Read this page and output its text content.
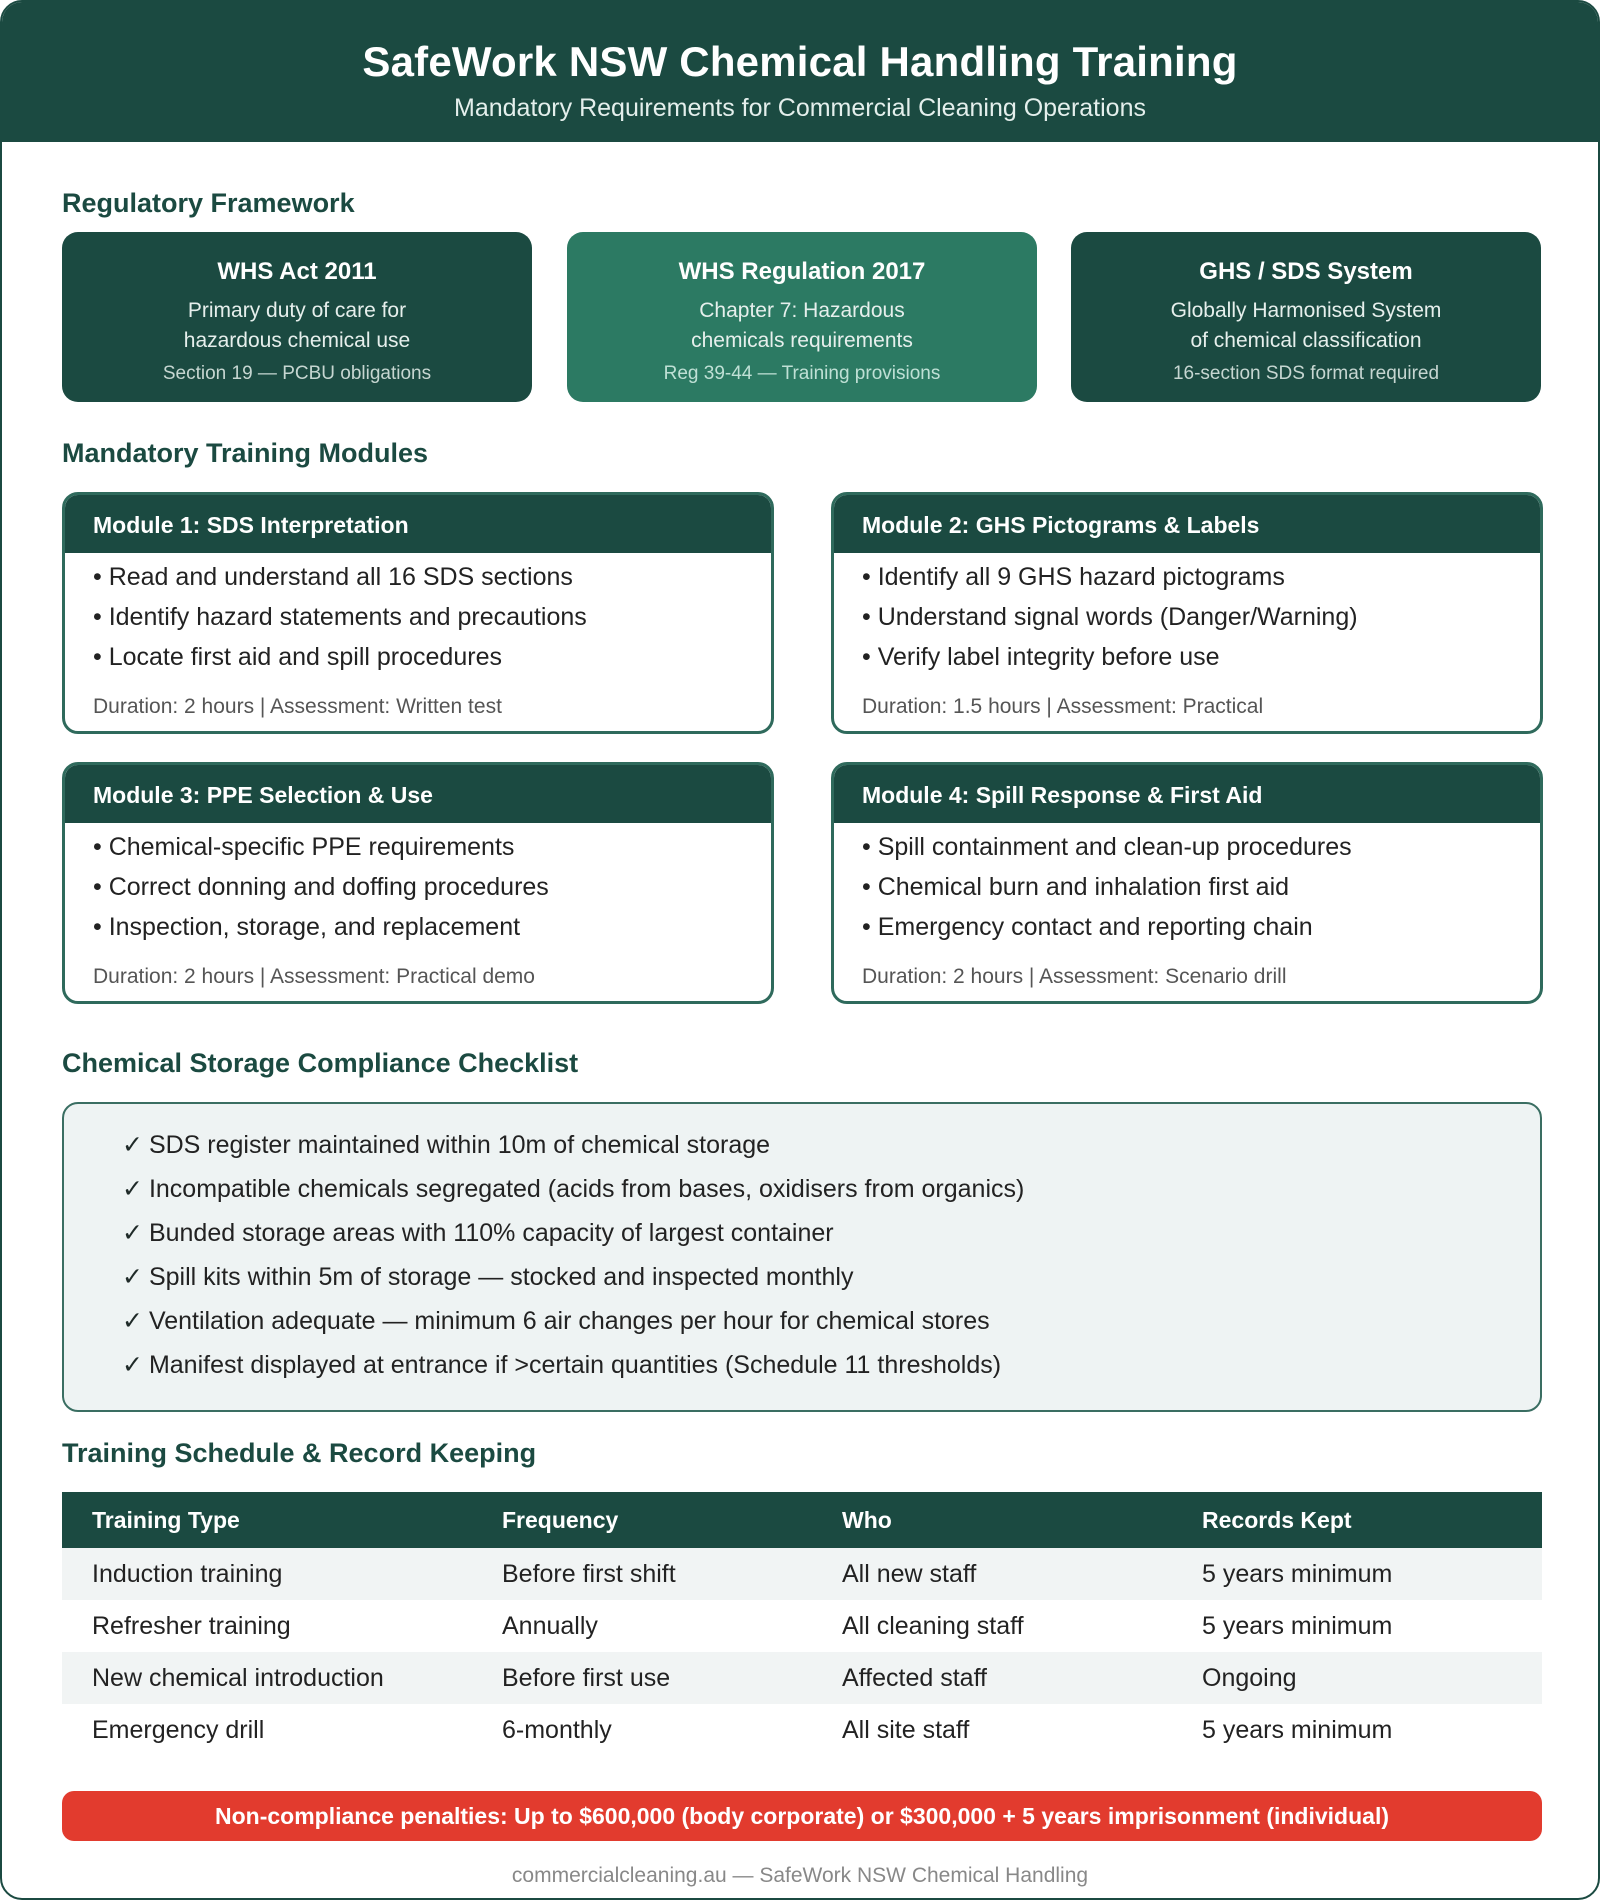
SafeWork NSW Chemical Handling Training
Mandatory Requirements for Commercial Cleaning Operations
Regulatory Framework
WHS Act 2011
Primary duty of care for
hazardous chemical use
Section 19 — PCBU obligations
WHS Regulation 2017
Chapter 7: Hazardous
chemicals requirements
Reg 39-44 — Training provisions
GHS / SDS System
Globally Harmonised System
of chemical classification
16-section SDS format required
Mandatory Training Modules
Module 1: SDS Interpretation
• Read and understand all 16 SDS sections
• Identify hazard statements and precautions
• Locate first aid and spill procedures
Duration: 2 hours | Assessment: Written test
Module 2: GHS Pictograms & Labels
• Identify all 9 GHS hazard pictograms
• Understand signal words (Danger/Warning)
• Verify label integrity before use
Duration: 1.5 hours | Assessment: Practical
Module 3: PPE Selection & Use
• Chemical-specific PPE requirements
• Correct donning and doffing procedures
• Inspection, storage, and replacement
Duration: 2 hours | Assessment: Practical demo
Module 4: Spill Response & First Aid
• Spill containment and clean-up procedures
• Chemical burn and inhalation first aid
• Emergency contact and reporting chain
Duration: 2 hours | Assessment: Scenario drill
Chemical Storage Compliance Checklist
✓ SDS register maintained within 10m of chemical storage
✓ Incompatible chemicals segregated (acids from bases, oxidisers from organics)
✓ Bunded storage areas with 110% capacity of largest container
✓ Spill kits within 5m of storage — stocked and inspected monthly
✓ Ventilation adequate — minimum 6 air changes per hour for chemical stores
✓ Manifest displayed at entrance if >certain quantities (Schedule 11 thresholds)
Training Schedule & Record Keeping
Training Type	Frequency	Who	Records Kept
Induction training	Before first shift	All new staff	5 years minimum
Refresher training	Annually	All cleaning staff	5 years minimum
New chemical introduction	Before first use	Affected staff	Ongoing
Emergency drill	6-monthly	All site staff	5 years minimum
Non-compliance penalties: Up to $600,000 (body corporate) or $300,000 + 5 years imprisonment (individual)
commercialcleaning.au — SafeWork NSW Chemical Handling
